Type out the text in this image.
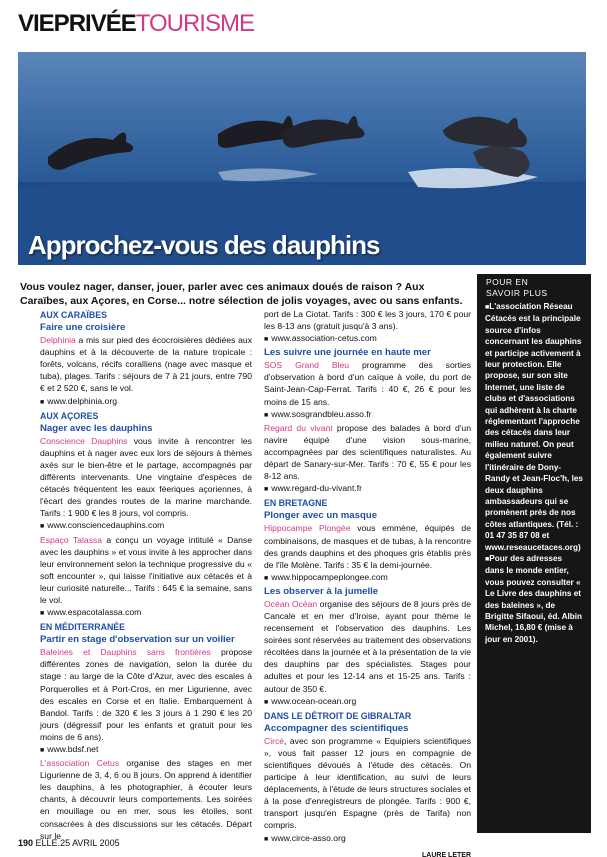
VIEPRIVÉETOURISME
Approchez-vous des dauphins
Vous voulez nager, danser, jouer, parler avec ces animaux doués de raison ? Aux Caraïbes, aux Açores, en Corse... notre sélection de jolis voyages, avec ou sans enfants.
AUX CARAÏBES
Faire une croisière

Delphinia a mis sur pied des écocroisières dédiées aux dauphins et à la découverte de la nature tropicale : forêts, volcans, récifs coralliens (nage avec masque et tuba), plages. Tarifs : séjours de 7 à 21 jours, entre 790 € et 2 520 €, sans le vol.

■ www.delphinia.org
AUX AÇORES
Nager avec les dauphins

Conscience Dauphins vous invite à rencontrer les dauphins et à nager avec eux lors de séjours à thèmes axés sur le bien-être et le partage, accompagnés par différents intervenants. Une vingtaine d'espèces de cétacés fréquentent les eaux féeriques açoriennes, à l'écart des grandes routes de la marine marchande. Tarifs : 1 900 € les 8 jours, vol compris.

■ www.consciencedauphins.com

Espaço Talassa a conçu un voyage intitulé « Danse avec les dauphins » et vous invite à les approcher dans leur environnement selon la technique progressive du « soft encounter », qui laisse l'initiative aux cétacés et à leur curiosité naturelle... Tarifs : 645 € la semaine, sans le vol.

■ www.espacotalassa.com
EN MÉDITERRANÉE
Partir en stage d'observation sur un voilier

Baleines et Dauphins sans frontières propose différentes zones de navigation, selon la durée du stage : au large de la Côte d'Azur, avec des escales à Porquerolles et à Port-Cros, en mer Ligurienne, avec des escales en Corse et en Italie. Embarquement à Bandol. Tarifs : de 320 € les 3 jours à 1 290 € les 20 jours (dégressif pour les enfants et gratuit pour les moins de 6 ans).

■ www.bdsf.net

L'association Cetus organise des stages en mer Ligurienne de 3, 4, 6 ou 8 jours. On apprend à identifier les dauphins, à les photographier, à écouter leurs chants, à découvrir leurs comportements. Les soirées en mouillage ou en mer, sous les étoiles, sont consacrées à des discussions sur les cétacés. Départ sur le

port de La Ciotat. Tarifs : 300 € les 3 jours, 170 € pour les 8-13 ans (gratuit jusqu'à 3 ans).

■ www.association-cetus.com
Les suivre une journée en haute mer

SOS Grand Bleu programme des sorties d'observation à bord d'un caïque à voile, du port de Saint-Jean-Cap-Ferrat. Tarifs : 40 €, 26 € pour les moins de 15 ans.

■ www.sosgrandbleu.asso.fr

Regard du vivant propose des balades à bord d'un navire équipé d'une vision sous-marine, accompagnées par des scientifiques naturalistes. Au départ de Sanary-sur-Mer. Tarifs : 70 €, 55 € pour les 8-12 ans.

■ www.regard-du-vivant.fr
EN BRETAGNE
Plonger avec un masque

Hippocampe Plongée vous emmène, équipés de combinaisons, de masques et de tubas, à la rencontre des grands dauphins et des phoques gris établis près de l'île Molène. Tarifs : 35 € la demi-journée.

■ www.hippocampeplongee.com
Les observer à la jumelle

Océan Océan organise des séjours de 8 jours près de Cancale et en mer d'Iroise, ayant pour thème le recensement et l'observation des dauphins. Les soirées sont réservées au traitement des observations récoltées dans la journée et à la présentation de la vie des dauphins par des spécialistes. Stages pour adultes et pour les 12-14 ans et 15-25 ans. Tarifs : autour de 350 €.

■ www.ocean-ocean.org
DANS LE DÉTROIT DE GIBRALTAR
Accompagner des scientifiques

Circé, avec son programme « Equipiers scientifiques », vous fait passer 12 jours en compagnie de scientifiques dévoués à l'étude des cétacés. On participe à leur identification, au suivi de leurs déplacements, à l'étude de leurs structures sociales et à la pose d'enregistreurs de plongée. Tarifs : 900 €, transport jusqu'en Espagne (près de Tarifa) non compris.

■ www.circe-asso.org
LAURE LETER
POUR EN
SAVOIR PLUS

■ L'association Réseau Cétacés est la principale source d'infos concernant les dauphins et participe activement à leur protection. Elle propose, sur son site Internet, une liste de clubs et d'associations qui adhèrent à la charte réglementant l'approche des cétacés dans leur milieu naturel. On peut également suivre l'itinéraire de Dony-Randy et Jean-Floc'h, les deux dauphins ambassadeurs qui se promènent près de nos côtes atlantiques. (Tél. : 01 47 35 87 08 et www.reseaucetaces.org)

■ Pour des adresses dans le monde entier, vous pouvez consulter « Le Livre des dauphins et des baleines », de Brigitte Sifaoui, éd. Albin Michel, 16,80 € (mise à jour en 2001).

190 ELLE.25 AVRIL 2005
